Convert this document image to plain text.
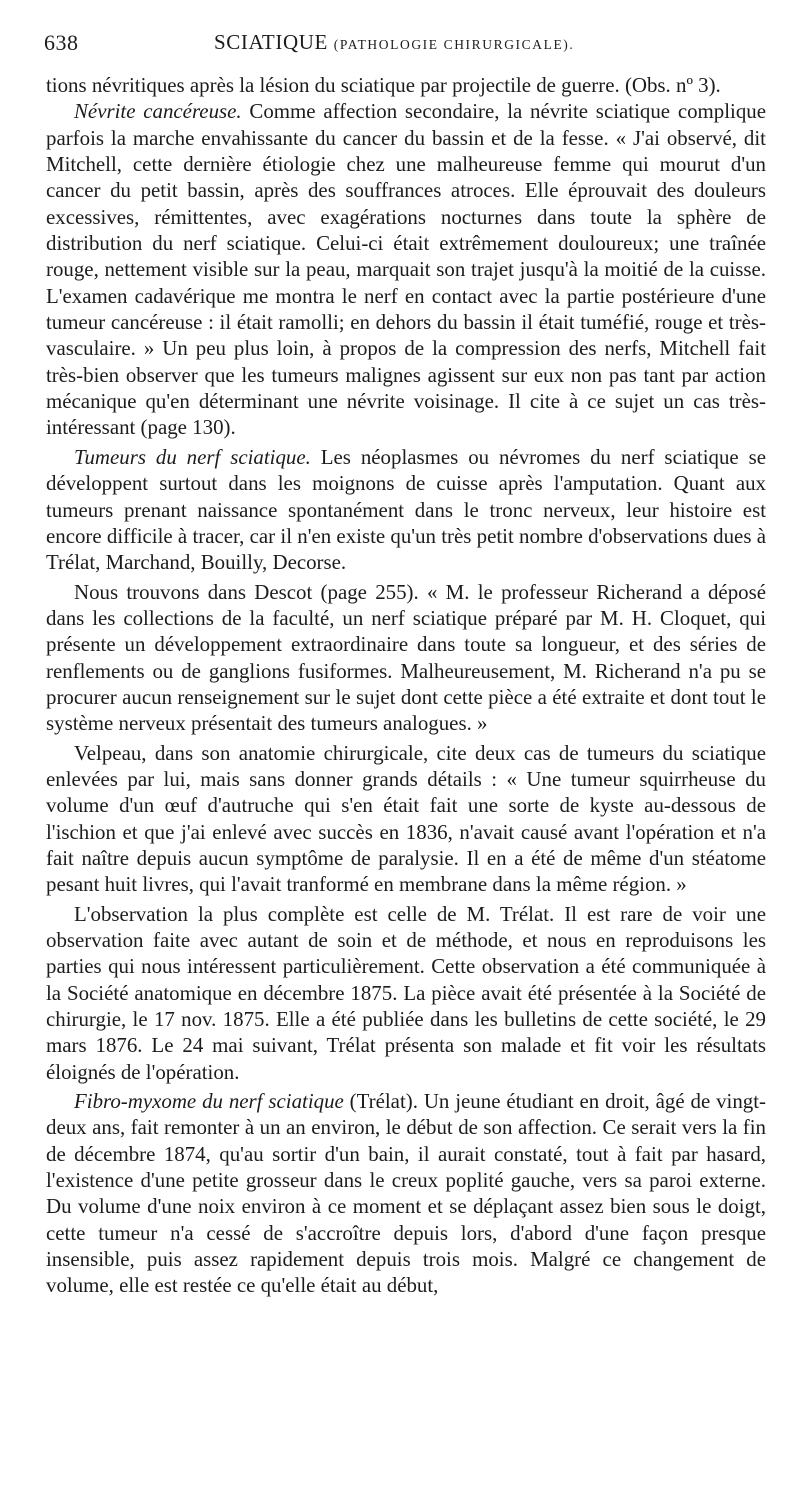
638	SCIATIQUE (PATHOLOGIE CHIRURGICALE).

tions névritiques après la lésion du sciatique par projectile de guerre. (Obs. nº 3).

Névrite cancéreuse. Comme affection secondaire, la névrite sciatique complique parfois la marche envahissante du cancer du bassin et de la fesse. « J'ai observé, dit Mitchell, cette dernière étiologie chez une malheureuse femme qui mourut d'un cancer du petit bassin, après des souffrances atroces. Elle éprouvait des douleurs excessives, rémittentes, avec exagérations nocturnes dans toute la sphère de distribution du nerf sciatique. Celui-ci était extrêmement douloureux; une traînée rouge, nettement visible sur la peau, marquait son trajet jusqu'à la moitié de la cuisse. L'examen cadavérique me montra le nerf en contact avec la partie postérieure d'une tumeur cancéreuse : il était ramolli; en dehors du bassin il était tuméfié, rouge et très-vasculaire. » Un peu plus loin, à propos de la compression des nerfs, Mitchell fait très-bien observer que les tumeurs malignes agissent sur eux non pas tant par action mécanique qu'en déterminant une névrite voisinage. Il cite à ce sujet un cas très-intéressant (page 130).

Tumeurs du nerf sciatique. Les néoplasmes ou névromes du nerf sciatique se développent surtout dans les moignons de cuisse après l'amputation. Quant aux tumeurs prenant naissance spontanément dans le tronc nerveux, leur histoire est encore difficile à tracer, car il n'en existe qu'un très petit nombre d'observations dues à Trélat, Marchand, Bouilly, Decorse.

Nous trouvons dans Descot (page 255). « M. le professeur Richerand a déposé dans les collections de la faculté, un nerf sciatique préparé par M. H. Cloquet, qui présente un développement extraordinaire dans toute sa longueur, et des séries de renflements ou de ganglions fusiformes. Malheureusement, M. Richerand n'a pu se procurer aucun renseignement sur le sujet dont cette pièce a été extraite et dont tout le système nerveux présentait des tumeurs analogues. »

Velpeau, dans son anatomie chirurgicale, cite deux cas de tumeurs du sciatique enlevées par lui, mais sans donner grands détails : « Une tumeur squirrheuse du volume d'un œuf d'autruche qui s'en était fait une sorte de kyste au-dessous de l'ischion et que j'ai enlevé avec succès en 1836, n'avait causé avant l'opération et n'a fait naître depuis aucun symptôme de paralysie. Il en a été de même d'un stéatome pesant huit livres, qui l'avait tranformé en membrane dans la même région. »

L'observation la plus complète est celle de M. Trélat. Il est rare de voir une observation faite avec autant de soin et de méthode, et nous en reproduisons les parties qui nous intéressent particulièrement. Cette observation a été communiquée à la Société anatomique en décembre 1875. La pièce avait été présentée à la Société de chirurgie, le 17 nov. 1875. Elle a été publiée dans les bulletins de cette société, le 29 mars 1876. Le 24 mai suivant, Trélat présenta son malade et fit voir les résultats éloignés de l'opération.

Fibro-myxome du nerf sciatique (Trélat). Un jeune étudiant en droit, âgé de vingt-deux ans, fait remonter à un an environ, le début de son affection. Ce serait vers la fin de décembre 1874, qu'au sortir d'un bain, il aurait constaté, tout à fait par hasard, l'existence d'une petite grosseur dans le creux poplité gauche, vers sa paroi externe. Du volume d'une noix environ à ce moment et se déplaçant assez bien sous le doigt, cette tumeur n'a cessé de s'accroître depuis lors, d'abord d'une façon presque insensible, puis assez rapidement depuis trois mois. Malgré ce changement de volume, elle est restée ce qu'elle était au début,
